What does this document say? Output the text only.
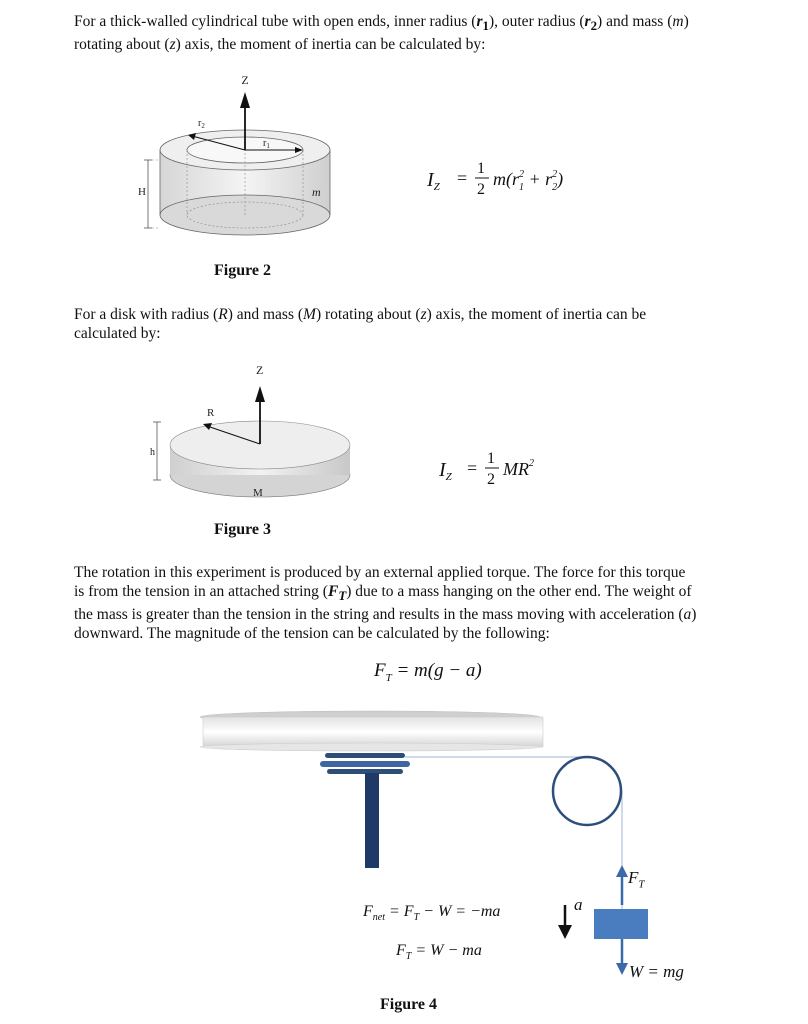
For a thick-walled cylindrical tube with open ends, inner radius $(r_1)$, outer radius $(r_2)$ and mass (m)
rotating about (z) axis, the moment of inertia can be calculated by:

H
Z
$r_2$
$r_1$
m
$I_Z = 1$
2
$m(r^2$ $1 + r^2$ 2)
Figure 2

For a disk with radius (R) and mass (M) rotating about (z) axis, the moment of inertia can be
calculated by:

Z
R
h
M
$I_Z = 1$
2
$MR^2$
Figure 3

The rotation in this experiment is produced by an external applied torque. The force for this torque
is from the tension in an attached string $(F_T)$ due to a mass hanging on the other end. The weight of
the mass is greater than the tension in the string and results in the mass moving with acceleration (a)
downward. The magnitude of the tension can be calculated by the following:

$F_T = m(g - a)$
$F_T$
a
W = mg
$F_{net} = F_T - W = -ma$
$F_T = W$ − ma
Figure 4
